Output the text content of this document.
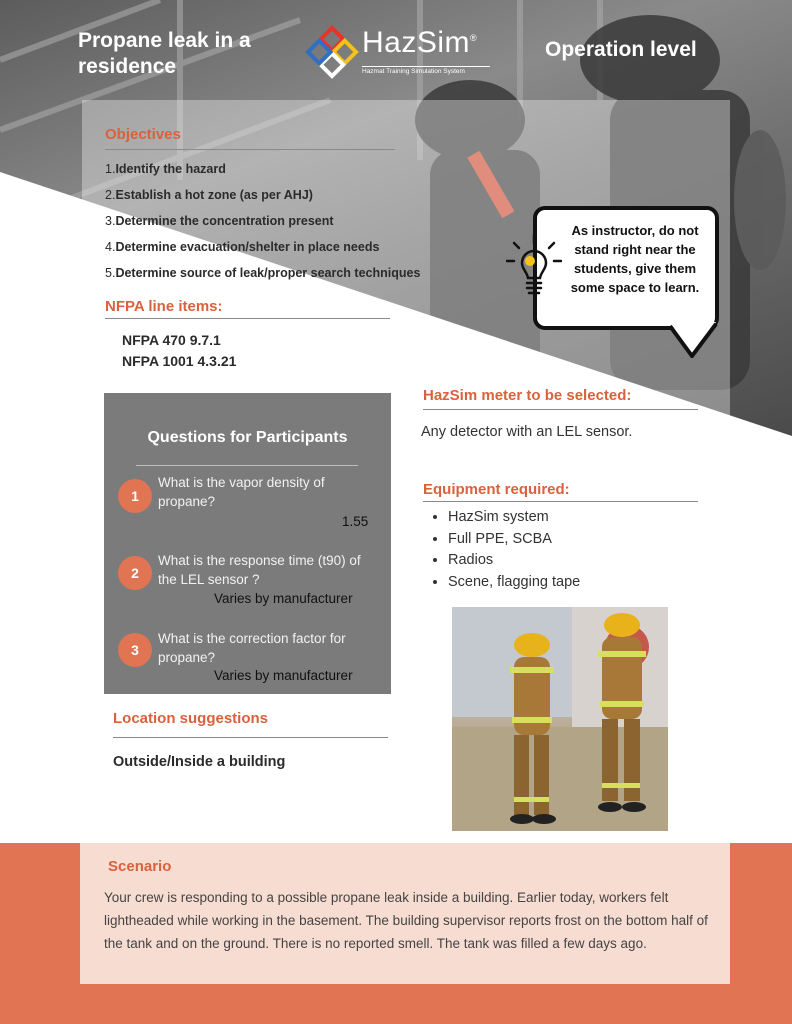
Propane leak in a residence
Operation level
HazSim®
Hazmat Training Simulation System
Objectives
1.Identify the hazard
2.Establish a hot zone (as per AHJ)
3.Determine the concentration present
4.Determine evacuation/shelter in place needs
5.Determine source of leak/proper search techniques
NFPA line items:
NFPA 470 9.7.1
NFPA 1001 4.3.21
As instructor, do not stand right near the students, give them some space to learn.
Questions for Participants
1
What is the vapor density of propane?
1.55
2
What is the response time (t90) of the LEL sensor ?
Varies by manufacturer
3
What is the correction factor for propane?
Varies by manufacturer
Location suggestions
Outside/Inside a building
HazSim meter to be selected:
Any detector with an LEL sensor.
Equipment required:
• HazSim system
• Full PPE, SCBA
• Radios
• Scene, flagging tape
Scenario
Your crew is responding to a possible propane leak inside a building. Earlier today, workers felt lightheaded while working in the basement. The building supervisor reports frost on the bottom half of the tank and on the ground. There is no reported smell. The tank was filled a few days ago.
